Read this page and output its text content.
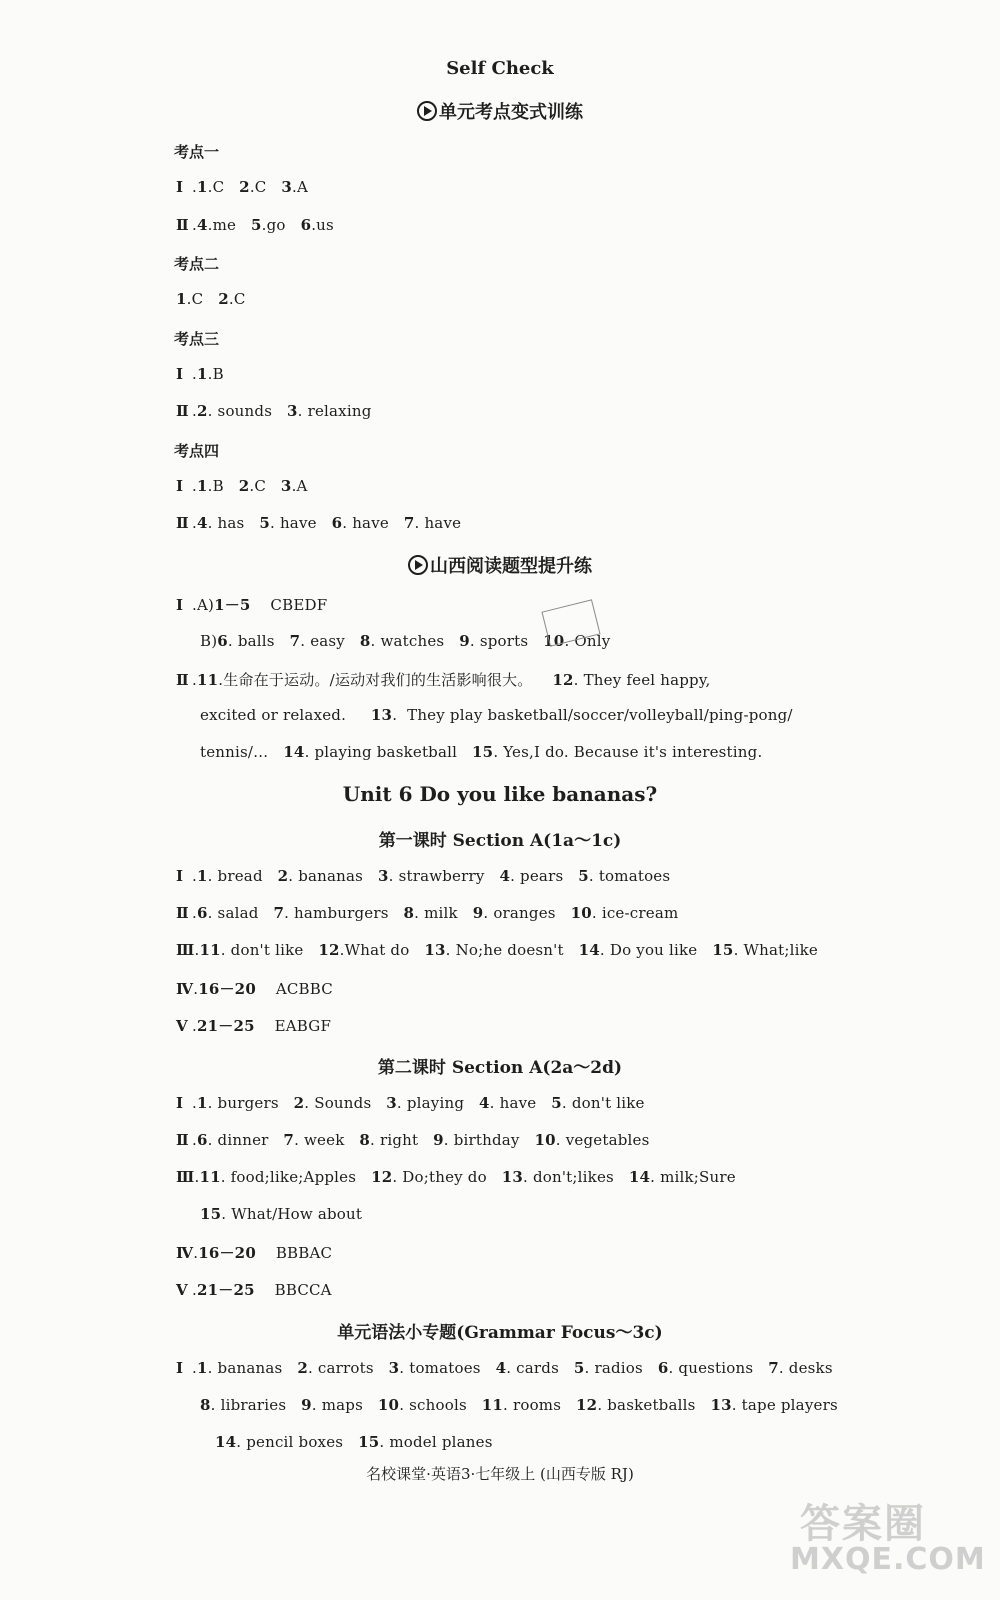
Self Check
单元考点变式训练
考点一
Ⅰ .1.C 2.C 3.A
Ⅱ .4.me 5.go 6.us
考点二
1.C 2.C
考点三
Ⅰ .1.B
Ⅱ .2. sounds 3. relaxing
考点四
Ⅰ .1.B 2.C 3.A
Ⅱ .4. has 5. have 6. have 7. have
山西阅读题型提升练
Ⅰ .A)1－5 CBEDF
B)6. balls 7. easy 8. watches 9. sports 10. Only
Ⅱ .11.生命在于运动。/运动对我们的生活影响很大。 12. They feel happy,
excited or relaxed. 13.  They play basketball/soccer/volleyball/ping-pong/
tennis/… 14. playing basketball 15. Yes,I do. Because it's interesting.
Unit 6 Do you like bananas?
第一课时 Section A(1a～1c)
Ⅰ .1. bread 2. bananas 3. strawberry 4. pears 5. tomatoes
Ⅱ .6. salad 7. hamburgers 8. milk 9. oranges 10. ice-cream
Ⅲ.11. don't like 12.What do 13. No;he doesn't 14. Do you like 15. What;like
Ⅳ.16－20 ACBBC
Ⅴ .21－25 EABGF
第二课时 Section A(2a～2d)
Ⅰ .1. burgers 2. Sounds 3. playing 4. have 5. don't like
Ⅱ .6. dinner 7. week 8. right 9. birthday 10. vegetables
Ⅲ.11. food;like;Apples 12. Do;they do 13. don't;likes 14. milk;Sure
15. What/How about
Ⅳ.16－20 BBBAC
Ⅴ .21－25 BBCCA
单元语法小专题(Grammar Focus～3c)
Ⅰ .1. bananas 2. carrots 3. tomatoes 4. cards 5. radios 6. questions 7. desks
8. libraries 9. maps 10. schools 11. rooms 12. basketballs 13. tape players
14. pencil boxes 15. model planes
名校课堂·英语3·七年级上 (山西专版 RJ)
答案圈
MXQE.COM
